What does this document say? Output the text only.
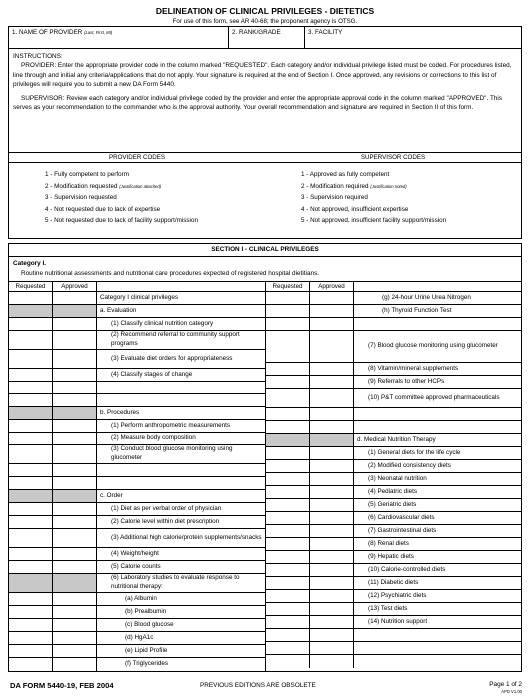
DELINEATION OF CLINICAL PRIVILEGES - DIETETICS
For use of this form, see AR 40-68; the proponent agency is OTSG.
1. NAME OF PROVIDER (Last, First, MI)	2. RANK/GRADE	3. FACILITY

INSTRUCTIONS:

PROVIDER: Enter the appropriate provider code in the column marked "REQUESTED". Each category and/or individual privilege listed must be coded. For procedures listed, line through and initial any criteria/applications that do not apply. Your signature is required at the end of Section I. Once approved, any revisions or corrections to this list of privileges will require you to submit a new DA Form 5440.

SUPERVISOR: Review each category and/or individual privilege coded by the provider and enter the appropriate approval code in the column marked "APPROVED". This serves as your recommendation to the commander who is the approval authority. Your overall recommendation and signature are required in Section II of this form.

PROVIDER CODES
1 - Fully competent to perform
2 - Modification requested (Justification attached)
3 - Supervision requested
4 - Not requested due to lack of expertise
5 - Not requested due to lack of facility support/mission
SUPERVISOR CODES
1 - Approved as fully competent
2 - Modification required (Justification noted)
3 - Supervision required
4 - Not approved, insufficient expertise
5 - Not approved, insufficient facility support/mission
SECTION I - CLINICAL PRIVILEGES
Category I.
Routine nutritional assessments and nutritional care procedures expected of registered hospital dietitians.
Requested	Approved
Category I clinical privileges
a. Evaluation
(1) Classify clinical nutrition category
(2) Recommend referral to community support programs
(3) Evaluate diet orders for appropriateness
(4) Classify stages of change
b. Procedures
(1) Perform anthropometric measurements
(2) Measure body composition
(3) Conduct blood glucose monitoring using glucometer
c. Order
(1) Diet as per verbal order of physician
(2) Calorie level within diet prescription
(3) Additional high calorie/protein supplements/snacks
(4) Weight/height
(5) Calorie counts
(6) Laboratory studies to evaluate response to nutritional therapy:
(a) Albumin
(b) Prealbumin
(c) Blood glucose
(d) HgA1c
(e) Lipid Profile
(f) Triglycerides
Requested	Approved
(g) 24-hour Urine Urea Nitrogen
(h) Thyroid Function Test
(7) Blood glucose monitoring using glucometer
(8) Vitamin/mineral supplements
(9) Referrals to other HCPs
(10) P&T committee approved pharmaceuticals
d. Medical Nutrition Therapy
(1) General diets for the life cycle
(2) Modified consistency diets
(3) Neonatal nutrition
(4) Pediatric diets
(5) Geriatric diets
(6) Cardiovascular diets
(7) Gastrointestinal diets
(8) Renal diets
(9) Hepatic diets
(10) Calorie-controlled diets
(11) Diabetic diets
(12) Psychiatric diets
(13) Test diets
(14) Nutrition support
DA FORM 5440-19, FEB 2004	PREVIOUS EDITIONS ARE OBSOLETE	Page 1 of 2
APD V1.00
